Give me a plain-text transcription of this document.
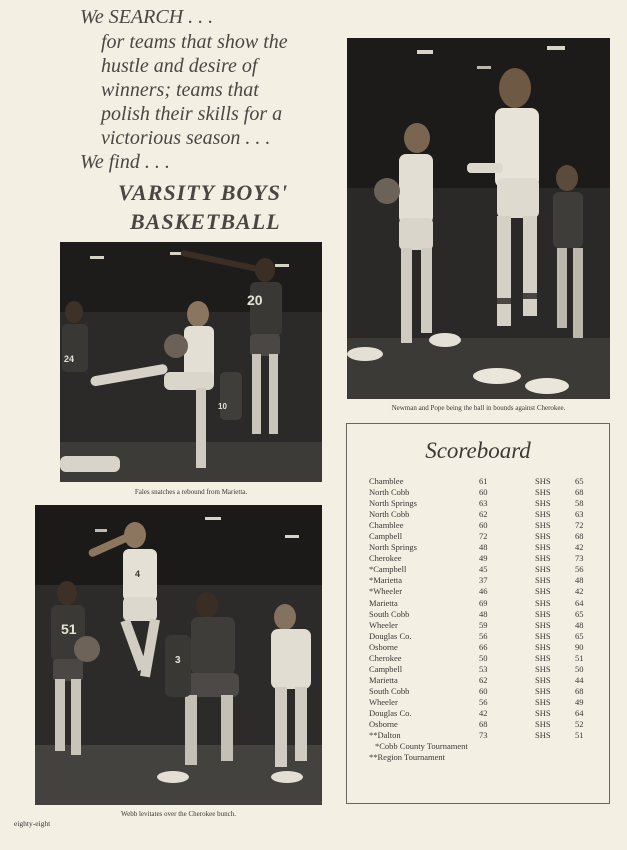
We SEARCH . . .
for teams that show the
hustle and desire of
winners; teams that
polish their skills for a
victorious season . . .
We find . . .
VARSITY BOYS'
BASKETBALL
Newman and Pope being the ball in bounds against Cherokee.
20
24
10
Fales snatches a rebound from Marietta.
51
4
3
Webb levitates over the Cherokee bunch.
Scoreboard
Chamblee	61	SHS	65
North Cobb	60	SHS	68
North Springs	63	SHS	58
North Cobb	62	SHS	63
Chamblee	60	SHS	72
Campbell	72	SHS	68
North Springs	48	SHS	42
Cherokee	49	SHS	73
*Campbell	45	SHS	56
*Marietta	37	SHS	48
*Wheeler	46	SHS	42
Marietta	69	SHS	64
South Cobb	48	SHS	65
Wheeler	59	SHS	48
Douglas Co.	56	SHS	65
Osborne	66	SHS	90
Cherokee	50	SHS	51
Campbell	53	SHS	50
Marietta	62	SHS	44
South Cobb	60	SHS	68
Wheeler	56	SHS	49
Douglas Co.	42	SHS	64
Osborne	68	SHS	52
**Dalton	73	SHS	51
*Cobb County Tournament
**Region Tournament
eighty-eight
